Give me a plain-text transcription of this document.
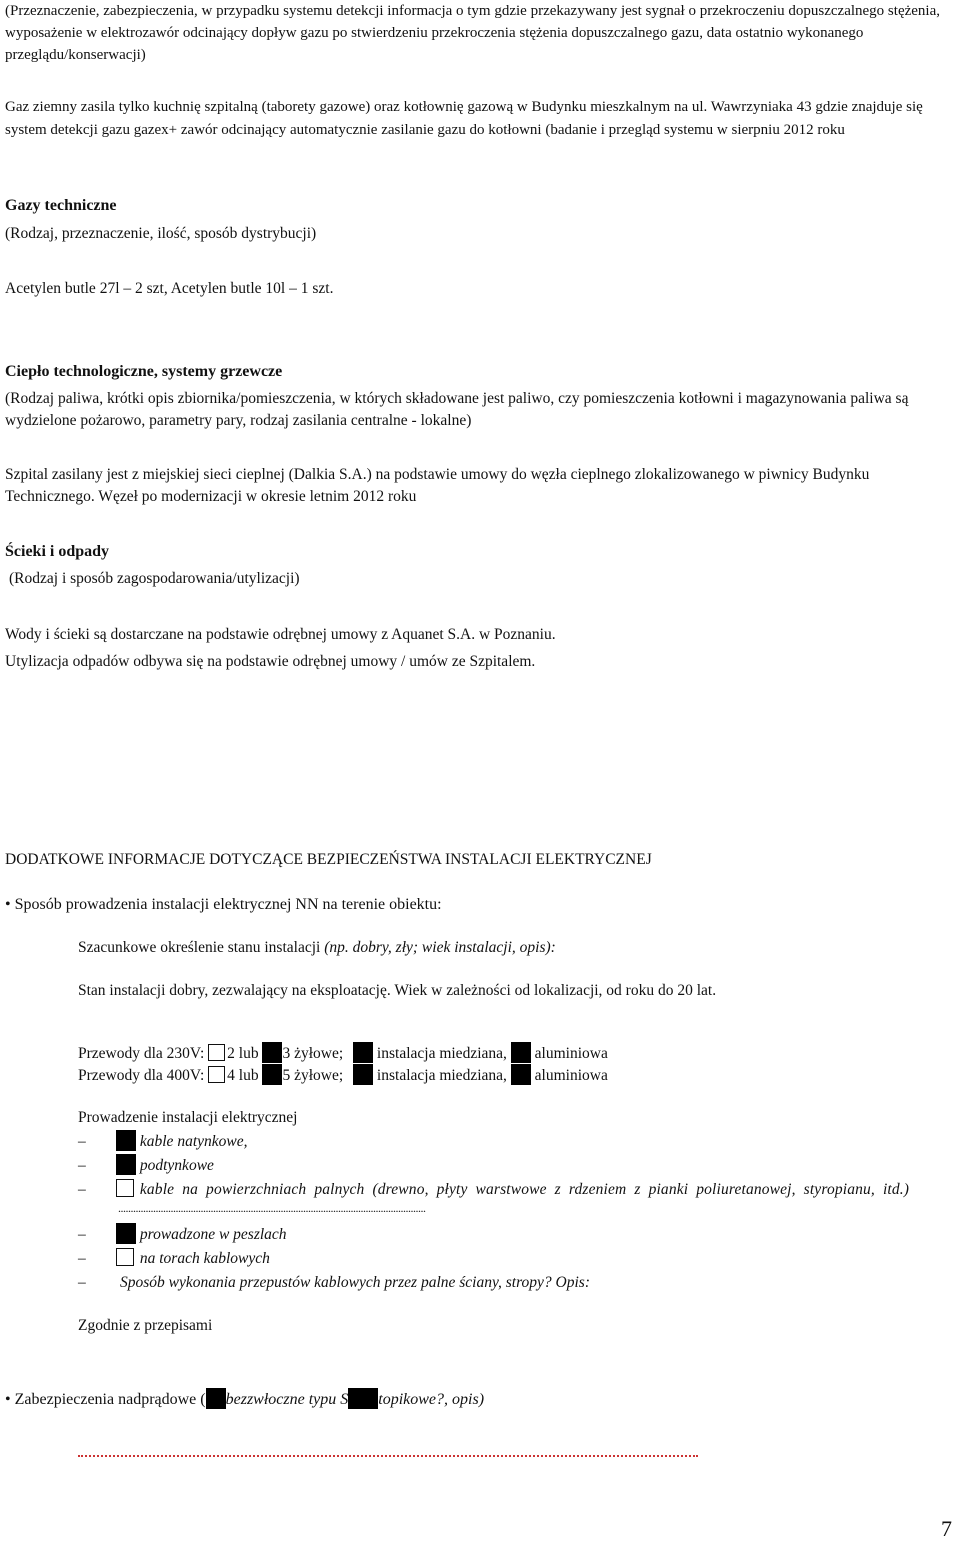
(Przeznaczenie, zabezpieczenia, w przypadku systemu detekcji informacja o tym gdzie przekazywany jest sygnał o przekroczeniu dopuszczalnego stężenia, wyposażenie w elektrozawór odcinający dopływ gazu po stwierdzeniu przekroczenia stężenia dopuszczalnego gazu, data ostatnio wykonanego przeglądu/konserwacji)

Gaz ziemny zasila tylko kuchnię szpitalną (taborety gazowe) oraz kotłownię gazową w Budynku mieszkalnym na ul. Wawrzyniaka 43 gdzie znajduje się system detekcji gazu gazex+ zawór odcinający automatycznie zasilanie gazu do kotłowni (badanie i przegląd systemu w sierpniu 2012 roku

Gazy techniczne

(Rodzaj, przeznaczenie, ilość, sposób dystrybucji)

Acetylen butle 27l – 2 szt, Acetylen butle 10l – 1 szt.

Ciepło technologiczne, systemy grzewcze

(Rodzaj paliwa, krótki opis zbiornika/pomieszczenia, w których składowane jest paliwo, czy pomieszczenia kotłowni i magazynowania paliwa są wydzielone pożarowo, parametry pary, rodzaj zasilania centralne - lokalne)

Szpital zasilany jest z miejskiej sieci cieplnej (Dalkia S.A.) na podstawie umowy do węzła cieplnego zlokalizowanego w piwnicy Budynku Technicznego. Węzeł po modernizacji w okresie letnim 2012 roku

Ścieki i odpady

(Rodzaj i sposób zagospodarowania/utylizacji)

Wody i ścieki są dostarczane na podstawie odrębnej umowy z Aquanet S.A. w Poznaniu.

Utylizacja odpadów odbywa się na podstawie odrębnej umowy / umów ze Szpitalem.

DODATKOWE INFORMACJE DOTYCZĄCE BEZPIECZEŃSTWA INSTALACJI ELEKTRYCZNEJ

• Sposób prowadzenia instalacji elektrycznej NN na terenie obiektu:
Szacunkowe określenie stanu instalacji (np. dobry, zły; wiek instalacji, opis):
Stan instalacji dobry, zezwalający na eksploatację. Wiek w zależności od lokalizacji, od roku do 20 lat.
Przewody dla 230V: 2 lub 3 żyłowe; instalacja miedziana, aluminiowa
Przewody dla 400V: 4 lub 5 żyłowe; instalacja miedziana, aluminiowa
Prowadzenie instalacji elektrycznej
–	kable natynkowe,
–	podtynkowe
–	kable na powierzchniach palnych (drewno, płyty warstwowe z rdzeniem z pianki poliuretanowej, styropianu, itd.)
...........................................................................................................................
–	prowadzone w peszlach
–	na torach kablowych
– Sposób wykonania przepustów kablowych przez palne ściany, stropy? Opis:
Zgodnie z przepisami
• Zabezpieczenia nadprądowe ( bezzwłoczne typu S topikowe?, opis)
7
